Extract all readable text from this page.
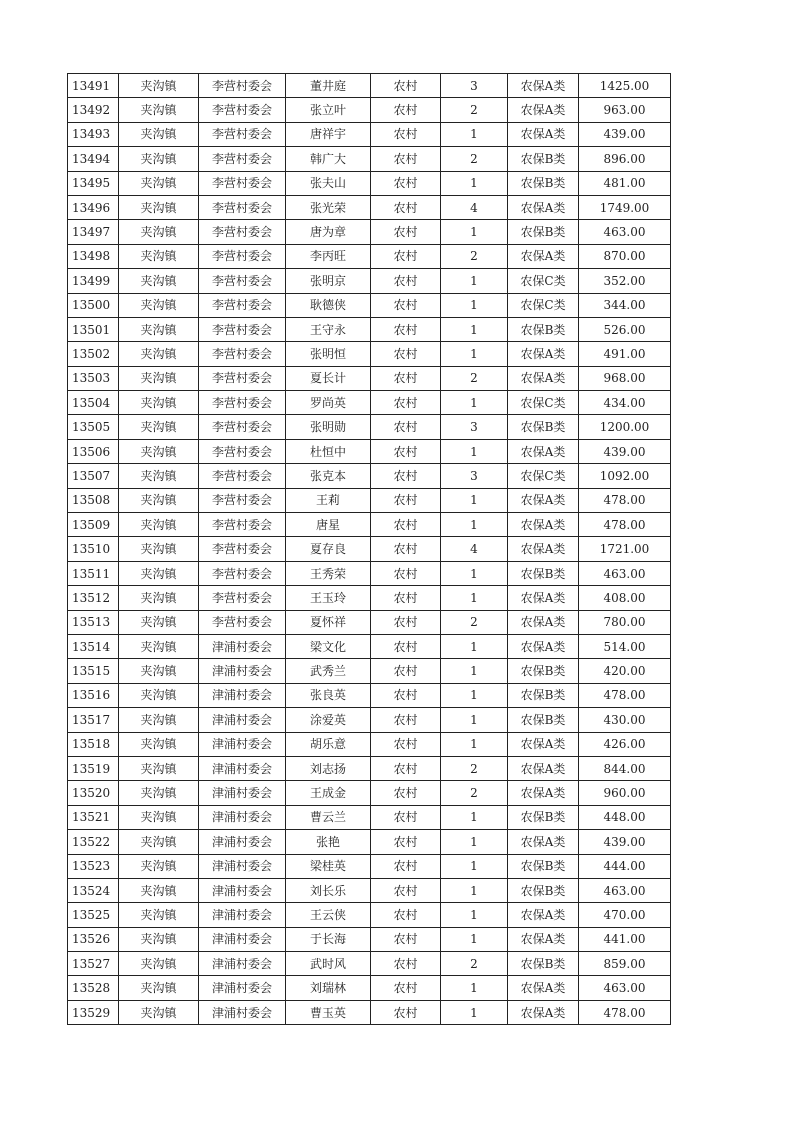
13491	夹沟镇	李营村委会	董井庭	农村	3	农保A类	1425.00
13492	夹沟镇	李营村委会	张立叶	农村	2	农保A类	963.00
13493	夹沟镇	李营村委会	唐祥宇	农村	1	农保A类	439.00
13494	夹沟镇	李营村委会	韩广大	农村	2	农保B类	896.00
13495	夹沟镇	李营村委会	张夫山	农村	1	农保B类	481.00
13496	夹沟镇	李营村委会	张光荣	农村	4	农保A类	1749.00
13497	夹沟镇	李营村委会	唐为章	农村	1	农保B类	463.00
13498	夹沟镇	李营村委会	李丙旺	农村	2	农保A类	870.00
13499	夹沟镇	李营村委会	张明京	农村	1	农保C类	352.00
13500	夹沟镇	李营村委会	耿德侠	农村	1	农保C类	344.00
13501	夹沟镇	李营村委会	王守永	农村	1	农保B类	526.00
13502	夹沟镇	李营村委会	张明恒	农村	1	农保A类	491.00
13503	夹沟镇	李营村委会	夏长计	农村	2	农保A类	968.00
13504	夹沟镇	李营村委会	罗尚英	农村	1	农保C类	434.00
13505	夹沟镇	李营村委会	张明勋	农村	3	农保B类	1200.00
13506	夹沟镇	李营村委会	杜恒中	农村	1	农保A类	439.00
13507	夹沟镇	李营村委会	张克本	农村	3	农保C类	1092.00
13508	夹沟镇	李营村委会	王莉	农村	1	农保A类	478.00
13509	夹沟镇	李营村委会	唐星	农村	1	农保A类	478.00
13510	夹沟镇	李营村委会	夏存良	农村	4	农保A类	1721.00
13511	夹沟镇	李营村委会	王秀荣	农村	1	农保B类	463.00
13512	夹沟镇	李营村委会	王玉玲	农村	1	农保A类	408.00
13513	夹沟镇	李营村委会	夏怀祥	农村	2	农保A类	780.00
13514	夹沟镇	津浦村委会	梁文化	农村	1	农保A类	514.00
13515	夹沟镇	津浦村委会	武秀兰	农村	1	农保B类	420.00
13516	夹沟镇	津浦村委会	张良英	农村	1	农保B类	478.00
13517	夹沟镇	津浦村委会	涂爱英	农村	1	农保B类	430.00
13518	夹沟镇	津浦村委会	胡乐意	农村	1	农保A类	426.00
13519	夹沟镇	津浦村委会	刘志扬	农村	2	农保A类	844.00
13520	夹沟镇	津浦村委会	王成金	农村	2	农保A类	960.00
13521	夹沟镇	津浦村委会	曹云兰	农村	1	农保B类	448.00
13522	夹沟镇	津浦村委会	张艳	农村	1	农保A类	439.00
13523	夹沟镇	津浦村委会	梁桂英	农村	1	农保B类	444.00
13524	夹沟镇	津浦村委会	刘长乐	农村	1	农保B类	463.00
13525	夹沟镇	津浦村委会	王云侠	农村	1	农保A类	470.00
13526	夹沟镇	津浦村委会	于长海	农村	1	农保A类	441.00
13527	夹沟镇	津浦村委会	武时风	农村	2	农保B类	859.00
13528	夹沟镇	津浦村委会	刘瑞林	农村	1	农保A类	463.00
13529	夹沟镇	津浦村委会	曹玉英	农村	1	农保A类	478.00
